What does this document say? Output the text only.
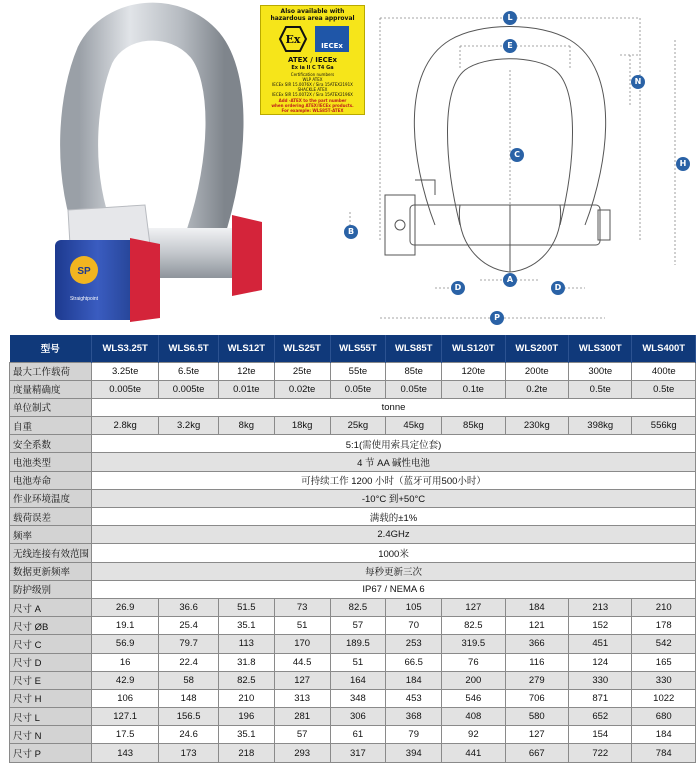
SP
Straightpoint
Also available with
hazardous area approval
Ex	IECEx
ATEX / IECEx
Ex ia II C T4 Ga
Certification numbers
WLP ATEX
IECEx SIR 15.0076X / Sira 15ATEX2191X
SHACKLE ATEX
IECEx SIR 15.0072X / Sira 15ATEX2196X
Add ‑ATEX to the part number
when ordering ATEX/IECEx products.
For example: WLS85T‑ATEX
L
E
N
C
H
B
A
D	D
P
型号	WLS3.25T	WLS6.5T	WLS12T	WLS25T	WLS55T	WLS85T	WLS120T	WLS200T	WLS300T	WLS400T
最大工作载荷	3.25te	6.5te	12te	25te	55te	85te	120te	200te	300te	400te
度量精确度	0.005te	0.005te	0.01te	0.02te	0.05te	0.05te	0.1te	0.2te	0.5te	0.5te
单位制式	tonne									
自重	2.8kg	3.2kg	8kg	18kg	25kg	45kg	85kg	230kg	398kg	556kg
安全系数	5:1(需使用索具定位套)									
电池类型	4 节 AA 碱性电池									
电池寿命	可持续工作 1200 小时（蓝牙可用500小时）									
作业环境温度	-10°C 到+50°C									
载荷误差	满载的±1%									
频率	2.4GHz									
无线连接有效范围	1000米									
数据更新频率	每秒更新三次									
防护级别	IP67 / NEMA 6									
尺寸 A	26.9	36.6	51.5	73	82.5	105	127	184	213	210
尺寸 ØB	19.1	25.4	35.1	51	57	70	82.5	121	152	178
尺寸 C	56.9	79.7	113	170	189.5	253	319.5	366	451	542
尺寸 D	16	22.4	31.8	44.5	51	66.5	76	116	124	165
尺寸 E	42.9	58	82.5	127	164	184	200	279	330	330
尺寸 H	106	148	210	313	348	453	546	706	871	1022
尺寸 L	127.1	156.5	196	281	306	368	408	580	652	680
尺寸 N	17.5	24.6	35.1	57	61	79	92	127	154	184
尺寸 P	143	173	218	293	317	394	441	667	722	784
